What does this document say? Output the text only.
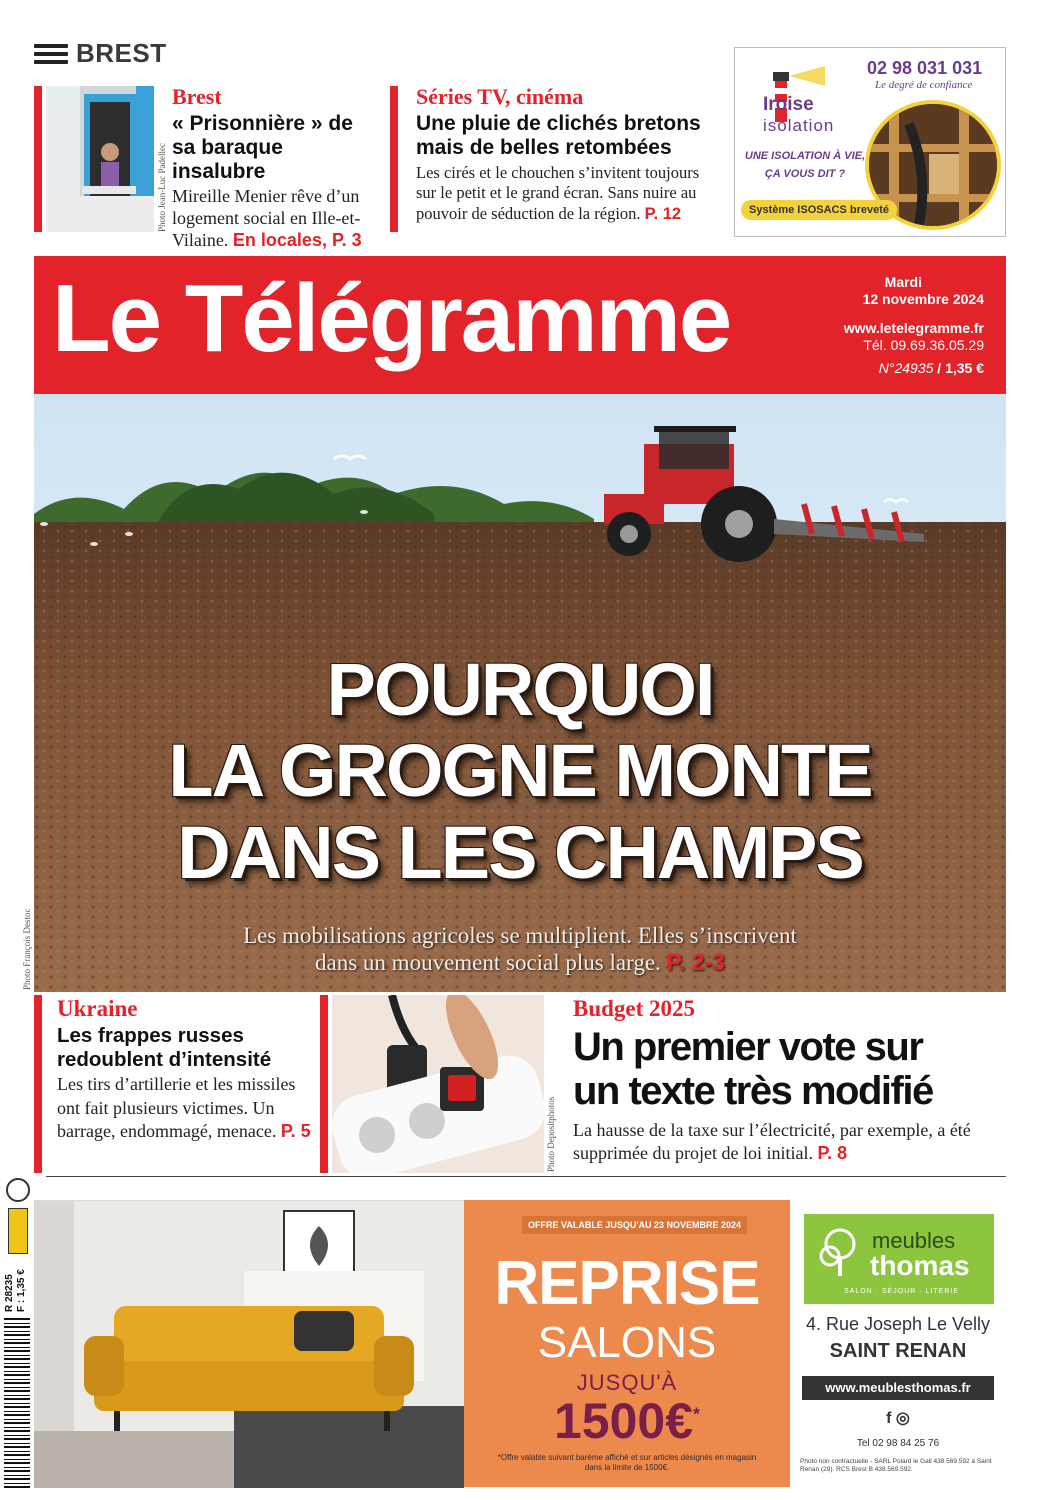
BREST
Photo Jean-Luc Padellec
Brest
« Prisonnière » de sa baraque insalubre
Mireille Menier rêve d’un logement social en Ille-et-Vilaine. En locales, P. 3
Séries TV, cinéma
Une pluie de clichés bretons mais de belles retombées
Les cirés et le chouchen s’invitent toujours sur le petit et le grand écran. Sans nuire au pouvoir de séduction de la région. P. 12
Iroise
isolation
02 98 031 031
Le degré de confiance
UNE ISOLATION À VIE,
ÇA VOUS DIT ?
Système ISOSACS breveté
Le Télégramme	Mardi
12 novembre 2024
www.letelegramme.fr
Tél. 09.69.36.05.29
N°24935 / 1,35 €
POURQUOI
LA GROGNE MONTE
DANS LES CHAMPS
Les mobilisations agricoles se multiplient. Elles s’inscrivent
dans un mouvement social plus large. P. 2-3
Photo François Destoc
Ukraine
Les frappes russes redoublent d’intensité
Les tirs d’artillerie et les missiles ont fait plusieurs victimes. Un barrage, endommagé, menace. P. 5	Photo Depositphotos
Budget 2025
Un premier vote sur
un texte très modifié
La hausse de la taxe sur l’électricité, par exemple, a été supprimée du projet de loi initial. P. 8
R 28235 F : 1,35 €
OFFRE VALABLE JUSQU'AU 23 NOVEMBRE 2024
REPRISE
SALONS
JUSQU'À
1500€*
*Offre valable suivant barème affiché et sur articles désignés en magasin dans la limite de 1500€.
meubles
thomas
SALON · SÉJOUR · LITERIE
4. Rue Joseph Le Velly
SAINT RENAN
www.meublesthomas.fr
f ◎
Tel 02 98 84 25 76
Photo non contractuelle - SARL Polard le Gall 438 569 592 à Saint Renan (29). RCS Brest B 438.569.592.
